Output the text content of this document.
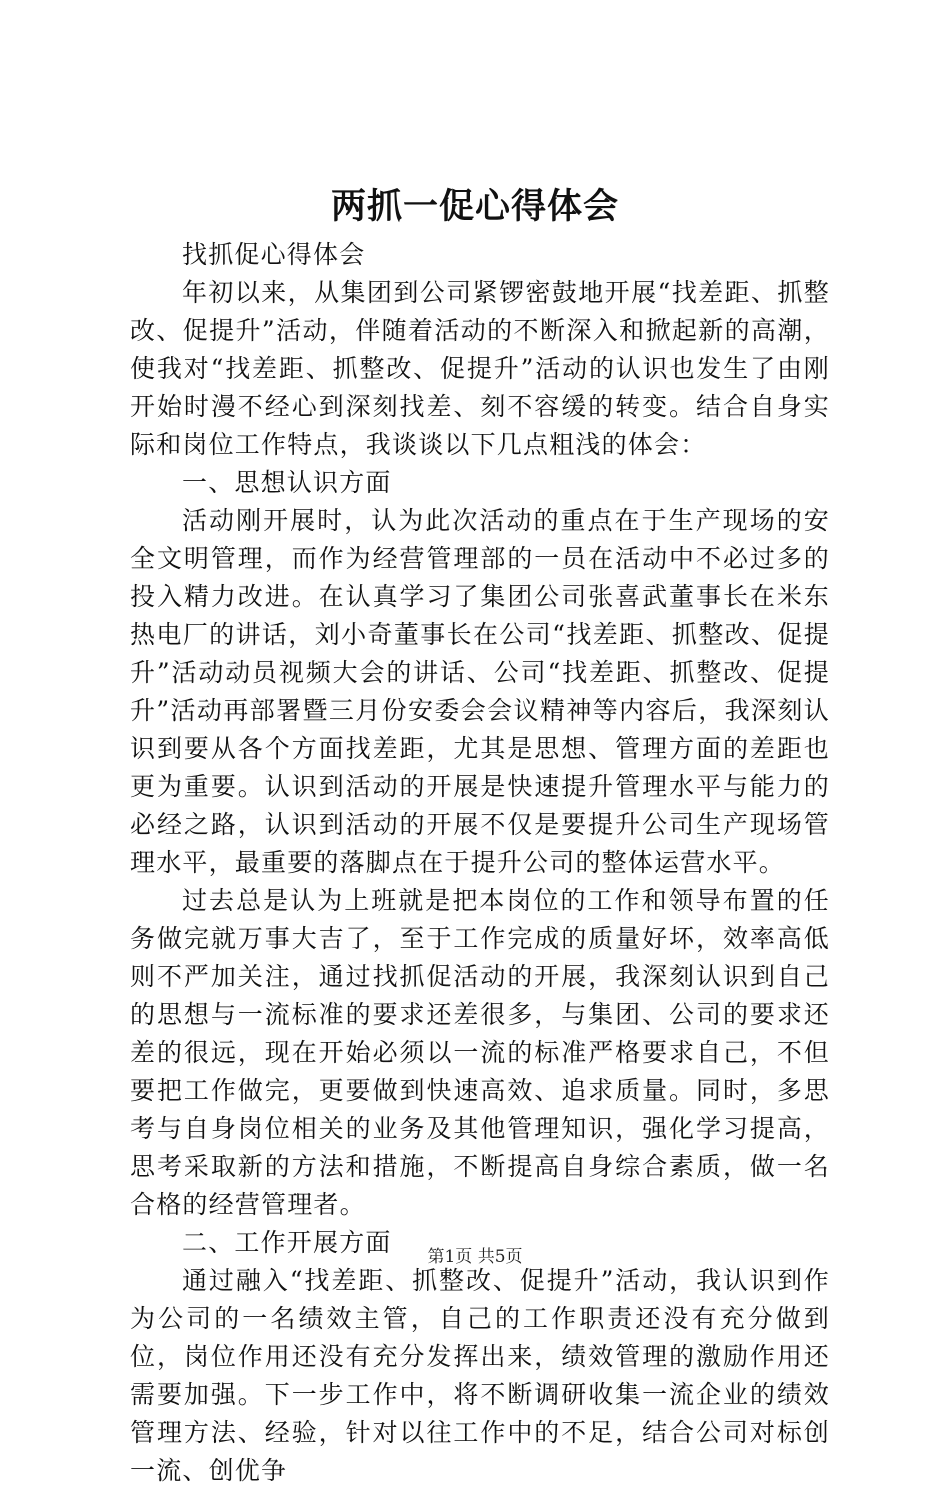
两抓一促心得体会

找抓促心得体会

年初以来，从集团到公司紧锣密鼓地开展“找差距、抓整改、促提升”活动，伴随着活动的不断深入和掀起新的高潮，使我对“找差距、抓整改、促提升”活动的认识也发生了由刚开始时漫不经心到深刻找差、刻不容缓的转变。结合自身实际和岗位工作特点，我谈谈以下几点粗浅的体会：

一、思想认识方面

活动刚开展时，认为此次活动的重点在于生产现场的安全文明管理，而作为经营管理部的一员在活动中不必过多的投入精力改进。在认真学习了集团公司张喜武董事长在米东热电厂的讲话，刘小奇董事长在公司“找差距、抓整改、促提升”活动动员视频大会的讲话、公司“找差距、抓整改、促提升”活动再部署暨三月份安委会会议精神等内容后，我深刻认识到要从各个方面找差距，尤其是思想、管理方面的差距也更为重要。认识到活动的开展是快速提升管理水平与能力的必经之路，认识到活动的开展不仅是要提升公司生产现场管理水平，最重要的落脚点在于提升公司的整体运营水平。

过去总是认为上班就是把本岗位的工作和领导布置的任务做完就万事大吉了，至于工作完成的质量好坏，效率高低则不严加关注，通过找抓促活动的开展，我深刻认识到自己的思想与一流标准的要求还差很多，与集团、公司的要求还差的很远，现在开始必须以一流的标准严格要求自己，不但要把工作做完，更要做到快速高效、追求质量。同时，多思考与自身岗位相关的业务及其他管理知识，强化学习提高，思考采取新的方法和措施，不断提高自身综合素质，做一名合格的经营管理者。

二、工作开展方面

通过融入“找差距、抓整改、促提升”活动，我认识到作为公司的一名绩效主管，自己的工作职责还没有充分做到位，岗位作用还没有充分发挥出来，绩效管理的激励作用还需要加强。下一步工作中，将不断调研收集一流企业的绩效管理方法、经验，针对以往工作中的不足，结合公司对标创一流、创优争

第1页 共5页
